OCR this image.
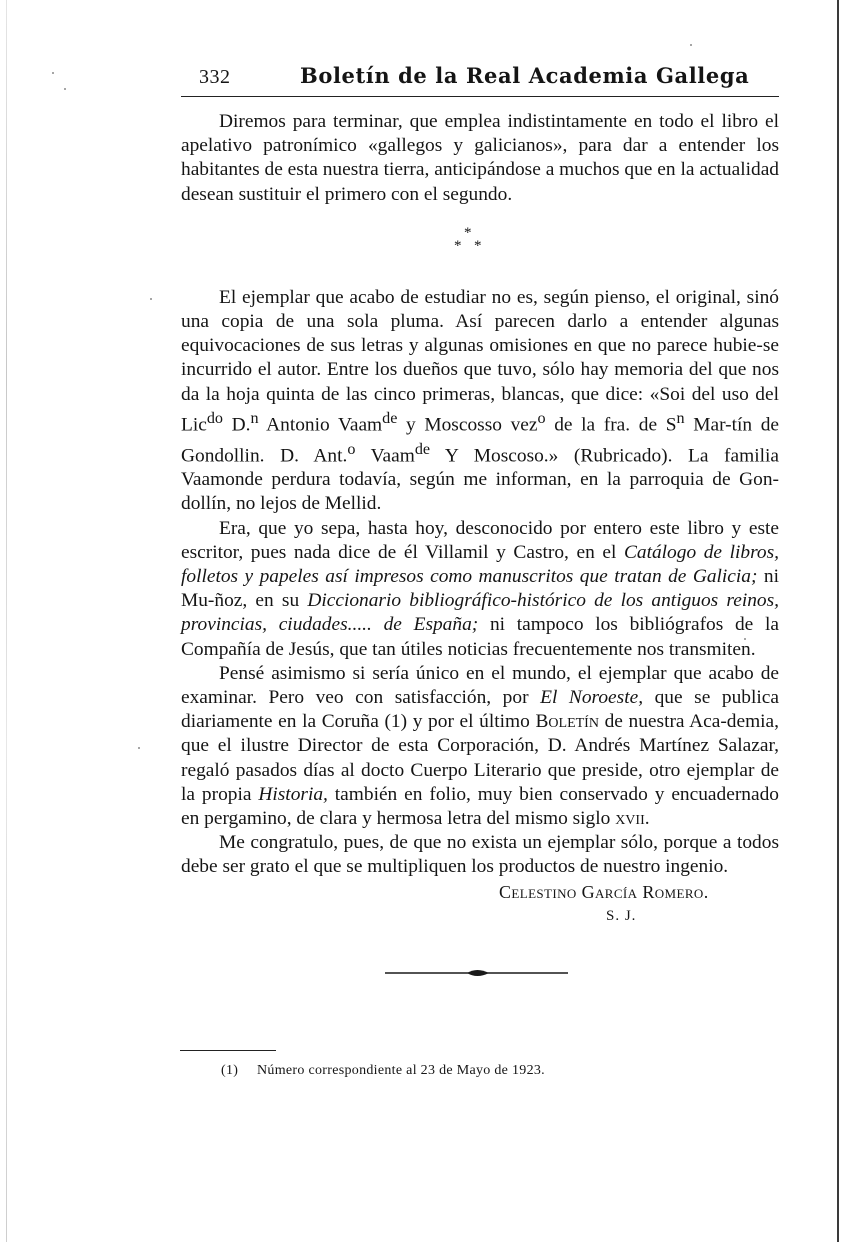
332	Boletín de la Real Academia Gallega

Diremos para terminar, que emplea indistintamente en todo el libro el apelativo patronímico «gallegos y galicianos», para dar a entender los habitantes de esta nuestra tierra, anticipándose a muchos que en la actualidad desean sustituir el primero con el segundo.

*
* *

El ejemplar que acabo de estudiar no es, según pienso, el original, sinó una copia de una sola pluma. Así parecen darlo a entender algunas equivocaciones de sus letras y algunas omisiones en que no parece hubie-se incurrido el autor. Entre los dueños que tuvo, sólo hay memoria del que nos da la hoja quinta de las cinco primeras, blancas, que dice: «Soi del uso del Lic$^{do}$ D.$^n$ Antonio Vaam$^{de}$ y Moscosso vez$^o$ de la fra. de $S^n$ Mar-tín de Gondollin. D. Ant.$^o$ Vaam$^{de}$ Y Moscoso.» (Rubricado). La familia Vaamonde perdura todavía, según me informan, en la parroquia de Gon-dollín, no lejos de Mellid.

Era, que yo sepa, hasta hoy, desconocido por entero este libro y este escritor, pues nada dice de él Villamil y Castro, en el Catálogo de libros, folletos y papeles así impresos como manuscritos que tratan de Galicia; ni Mu-ñoz, en su Diccionario bibliográfico-histórico de los antiguos reinos, provincias, ciudades..... de España; ni tampoco los bibliógrafos de la Compañía de Jesús, que tan útiles noticias frecuentemente nos transmiten.

Pensé asimismo si sería único en el mundo, el ejemplar que acabo de examinar. Pero veo con satisfacción, por El Noroeste, que se publica diariamente en la Coruña (1) y por el último Boletín de nuestra Aca-demia, que el ilustre Director de esta Corporación, D. Andrés Martínez Salazar, regaló pasados días al docto Cuerpo Literario que preside, otro ejemplar de la propia Historia, también en folio, muy bien conservado y encuadernado en pergamino, de clara y hermosa letra del mismo siglo xvii.

Me congratulo, pues, de que no exista un ejemplar sólo, porque a todos debe ser grato el que se multipliquen los productos de nuestro ingenio.

Celestino García Romero.
S. J.
(1) Número correspondiente al 23 de Mayo de 1923.
